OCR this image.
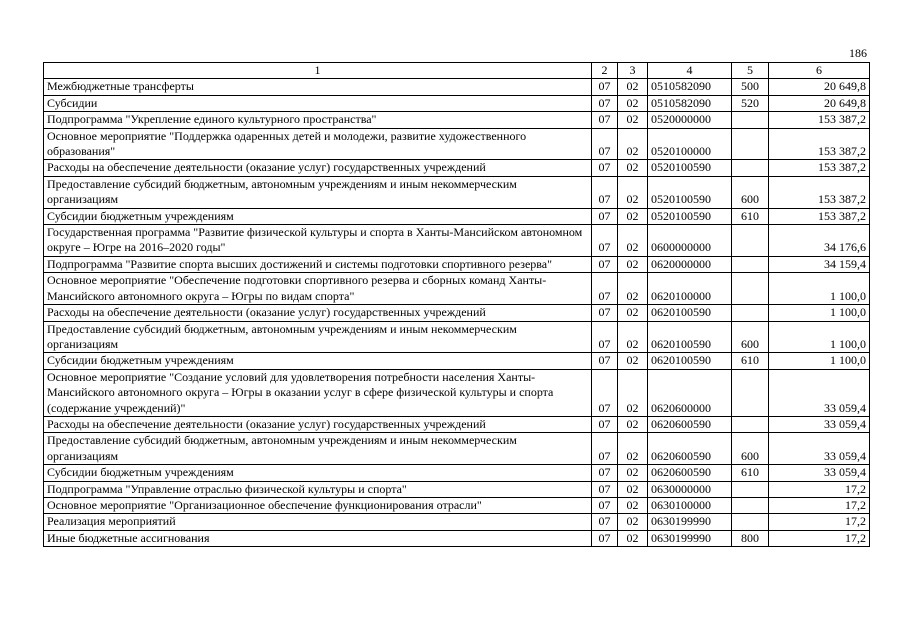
186
1	2	3	4	5	6
Межбюджетные трансферты	07	02	0510582090	500	20 649,8
Субсидии	07	02	0510582090	520	20 649,8
Подпрограмма "Укрепление единого культурного пространства"	07	02	0520000000		153 387,2
Основное мероприятие "Поддержка одаренных детей и молодежи, развитие художественного образования"	07	02	0520100000		153 387,2
Расходы на обеспечение деятельности (оказание услуг) государственных учреждений	07	02	0520100590		153 387,2
Предоставление субсидий бюджетным, автономным учреждениям и иным некоммерческим организациям	07	02	0520100590	600	153 387,2
Субсидии бюджетным учреждениям	07	02	0520100590	610	153 387,2
Государственная программа "Развитие физической культуры и спорта в Ханты-Мансийском автономном округе – Югре на 2016–2020 годы"	07	02	0600000000		34 176,6
Подпрограмма "Развитие спорта высших достижений и системы подготовки спортивного резерва"	07	02	0620000000		34 159,4
Основное мероприятие "Обеспечение подготовки спортивного резерва и сборных команд Ханты-Мансийского автономного округа – Югры по видам спорта"	07	02	0620100000		1 100,0
Расходы на обеспечение деятельности (оказание услуг) государственных учреждений	07	02	0620100590		1 100,0
Предоставление субсидий бюджетным, автономным учреждениям и иным некоммерческим организациям	07	02	0620100590	600	1 100,0
Субсидии бюджетным учреждениям	07	02	0620100590	610	1 100,0
Основное мероприятие "Создание условий для удовлетворения потребности населения Ханты-Мансийского автономного округа – Югры в оказании услуг в сфере физической культуры и спорта (содержание учреждений)"	07	02	0620600000		33 059,4
Расходы на обеспечение деятельности (оказание услуг) государственных учреждений	07	02	0620600590		33 059,4
Предоставление субсидий бюджетным, автономным учреждениям и иным некоммерческим организациям	07	02	0620600590	600	33 059,4
Субсидии бюджетным учреждениям	07	02	0620600590	610	33 059,4
Подпрограмма "Управление отраслью физической культуры и спорта"	07	02	0630000000		17,2
Основное мероприятие "Организационное обеспечение функционирования отрасли"	07	02	0630100000		17,2
Реализация мероприятий	07	02	0630199990		17,2
Иные бюджетные ассигнования	07	02	0630199990	800	17,2
